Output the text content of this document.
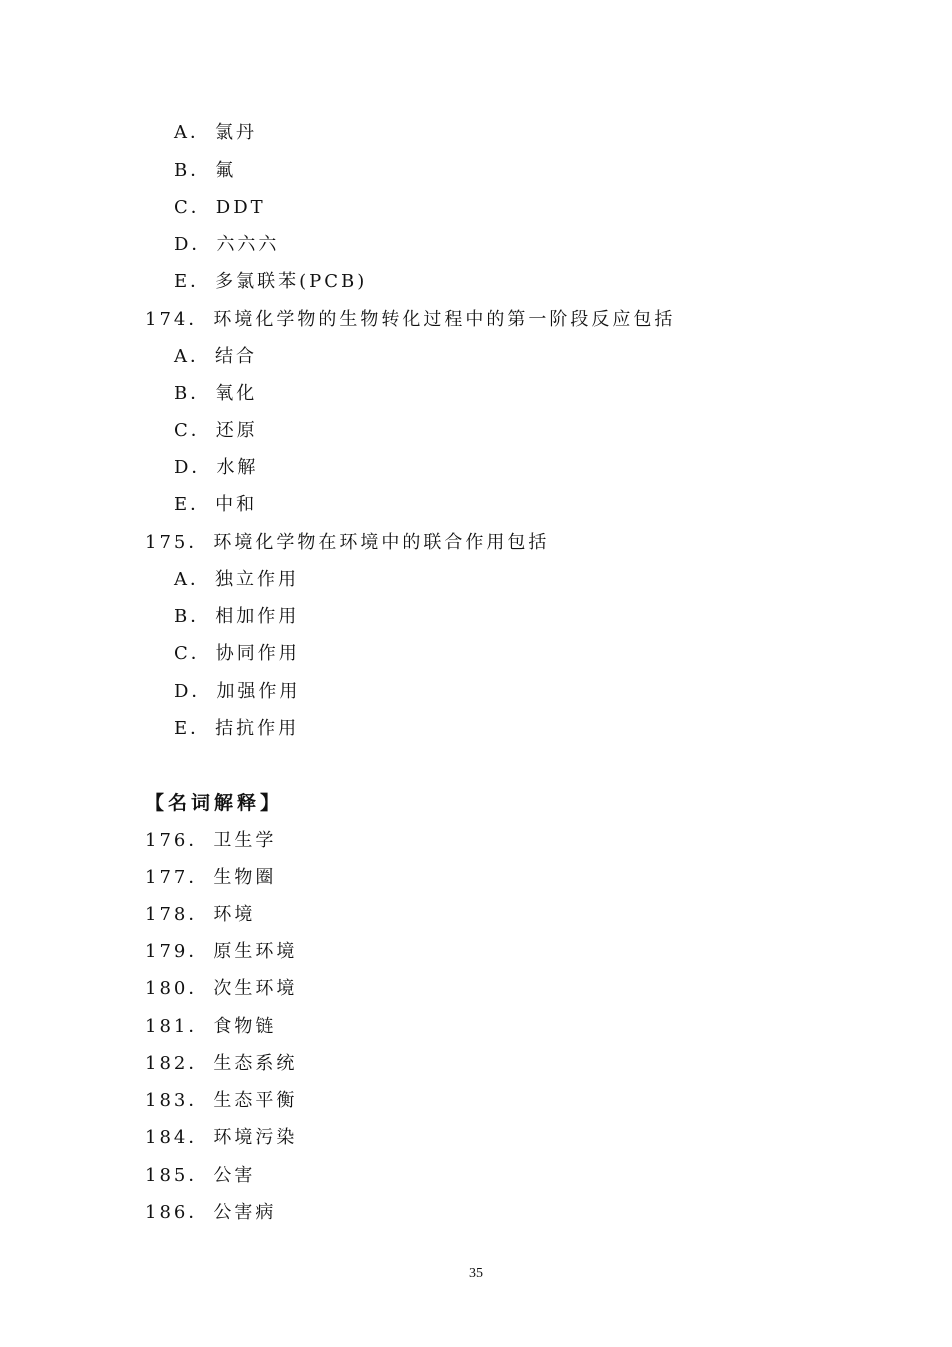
A． 氯丹
B． 氟
C． DDT
D． 六六六
E． 多氯联苯(PCB)
174． 环境化学物的生物转化过程中的第一阶段反应包括
A． 结合
B． 氧化
C． 还原
D． 水解
E． 中和
175． 环境化学物在环境中的联合作用包括
A． 独立作用
B． 相加作用
C． 协同作用
D． 加强作用
E． 拮抗作用
【名词解释】
176． 卫生学
177． 生物圈
178． 环境
179． 原生环境
180． 次生环境
181． 食物链
182． 生态系统
183． 生态平衡
184． 环境污染
185． 公害
186． 公害病
35
